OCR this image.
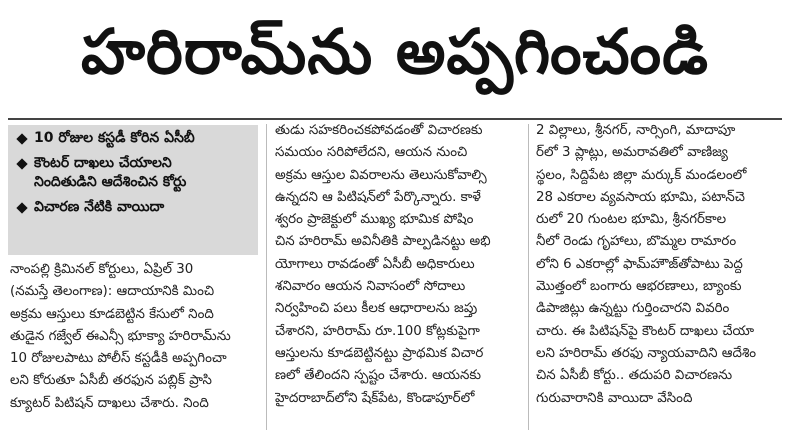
హరిరామ్‌ను అప్పగించండి
10 రోజుల కస్టడీ కోరిన ఏసీబీ
కౌంటర్‌ దాఖలు చేయాలని
నిందితుడిని ఆదేశించిన కోర్టు
విచారణ నేటికి వాయిదా
నాంపల్లి క్రిమినల్‌ కోర్టులు, ఏప్రిల్‌ 30
(నమస్తే తెలంగాణ): ఆదాయానికి మించి
అక్రమ ఆస్తులు కూడబెట్టిన కేసులో నింది
తుడైన గజ్వేల్‌ ఈఎన్సీ భూక్యా హరిరామ్‌ను
10 రోజులపాటు పోలీస్‌ కస్టడీకి అప్పగించా
లని కోరుతూ ఏసీబీ తరఫున పబ్లిక్‌ ప్రాసి
క్యూటర్‌ పిటిషన్‌ దాఖలు చేశారు. నింది
తుడు సహకరించకపోవడంతో విచారణకు
సమయం సరిపోలేదని, ఆయన నుంచి
అక్రమ ఆస్తుల వివరాలను తెలుసుకోవాల్సి
ఉన్నదని ఆ పిటిషన్‌లో పేర్కొన్నారు. కాళే
శ్వరం ప్రాజెక్టులో ముఖ్య భూమిక పోషిం
చిన హరిరామ్‌ అవినీతికి పాల్పడినట్టు అభి
యోగాలు రావడంతో ఏసీబీ అధికారులు
శనివారం ఆయన నివాసంలో సోదాలు
నిర్వహించి పలు కీలక ఆధారాలను జప్తు
చేశారని, హరిరామ్‌ రూ.100 కోట్లకుపైగా
ఆస్తులను కూడబెట్టినట్టు ప్రాథమిక విచార
ణలో తేలిందని స్పష్టం చేశారు. ఆయనకు
హైదరాబాద్‌లోని షేక్‌పేట, కొండాపూర్‌లో
2 విల్లాలు, శ్రీనగర్‌, నార్సింగి, మాదాపూ
ర్‌లో 3 ప్లాట్లు, అమరావతిలో వాణిజ్య
స్థలం, సిద్దిపేట జిల్లా మర్కుక్‌ మండలంలో
28 ఎకరాల వ్యవసాయ భూమి, పటాన్‌చె
రులో 20 గుంటల భూమి, శ్రీనగర్‌కాల
నీలో రెండు గృహాలు, బొమ్మల రామారం
లోని 6 ఎకరాల్లో ఫామ్‌హౌజ్‌తోపాటు పెద్ద
మొత్తంలో బంగారు ఆభరణాలు, బ్యాంకు
డిపాజిట్లు ఉన్నట్టు గుర్తించారని వివరిం
చారు. ఈ పిటిషన్‌పై కౌంటర్‌ దాఖలు చేయా
లని హరిరామ్‌ తరఫు న్యాయవాదిని ఆదేశిం
చిన ఏసీబీ కోర్టు.. తదుపరి విచారణను
గురువారానికి వాయిదా వేసింది
